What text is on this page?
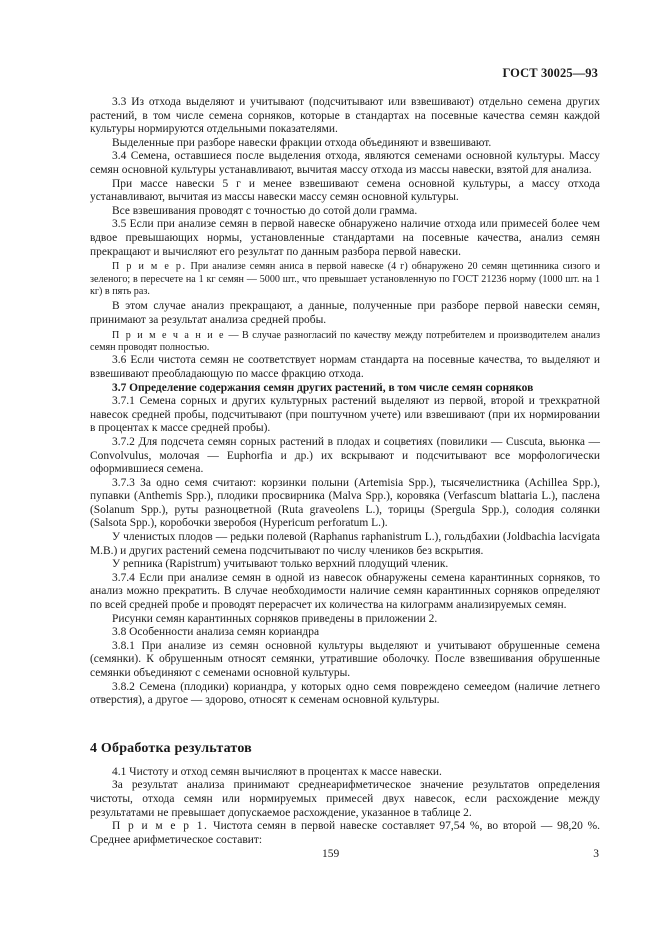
ГОСТ 30025—93

3.3 Из отхода выделяют и учитывают (подсчитывают или взвешивают) отдельно семена других растений, в том числе семена сорняков, которые в стандартах на посевные качества семян каждой культуры нормируются отдельными показателями.

Выделенные при разборе навески фракции отхода объединяют и взвешивают.

3.4 Семена, оставшиеся после выделения отхода, являются семенами основной культуры. Массу семян основной культуры устанавливают, вычитая массу отхода из массы навески, взятой для анализа.

При массе навески 5 г и менее взвешивают семена основной культуры, а массу отхода устанавливают, вычитая из массы навески массу семян основной культуры.

Все взвешивания проводят с точностью до сотой доли грамма.

3.5 Если при анализе семян в первой навеске обнаружено наличие отхода или примесей более чем вдвое превышающих нормы, установленные стандартами на посевные качества, анализ семян прекращают и вычисляют его результат по данным разбора первой навески.

П р и м е р. При анализе семян аниса в первой навеске (4 г) обнаружено 20 семян щетинника сизого и зеленого; в пересчете на 1 кг семян — 5000 шт., что превышает установленную по ГОСТ 21236 норму (1000 шт. на 1 кг) в пять раз.

В этом случае анализ прекращают, а данные, полученные при разборе первой навески семян, принимают за результат анализа средней пробы.

П р и м е ч а н и е — В случае разногласий по качеству между потребителем и производителем анализ семян проводят полностью.

3.6 Если чистота семян не соответствует нормам стандарта на посевные качества, то выделяют и взвешивают преобладающую по массе фракцию отхода.

3.7 Определение содержания семян других растений, в том числе семян сорняков

3.7.1 Семена сорных и других культурных растений выделяют из первой, второй и трехкратной навесок средней пробы, подсчитывают (при поштучном учете) или взвешивают (при их нормировании в процентах к массе средней пробы).

3.7.2 Для подсчета семян сорных растений в плодах и соцветиях (повилики — Cuscuta, вьюнка — Convolvulus, молочая — Euphorfia и др.) их вскрывают и подсчитывают все морфологически оформившиеся семена.

3.7.3 За одно семя считают: корзинки полыни (Artemisia Spp.), тысячелистника (Achillea Spp.), пупавки (Anthemis Spp.), плодики просвирника (Malva Spp.), коровяка (Verfascum blattaria L.), паслена (Solanum Spp.), руты разноцветной (Ruta graveolens L.), торицы (Spergula Spp.), солодия солянки (Salsota Spp.), коробочки зверобоя (Hypericum perforatum L.).

У членистых плодов — редьки полевой (Raphanus raphanistrum L.), гольдбахии (Joldbachia lacvigata M.B.) и других растений семена подсчитывают по числу члеников без вскрытия.

У репника (Rapistrum) учитывают только верхний плодущий членик.

3.7.4 Если при анализе семян в одной из навесок обнаружены семена карантинных сорняков, то анализ можно прекратить. В случае необходимости наличие семян карантинных сорняков определяют по всей средней пробе и проводят перерасчет их количества на килограмм анализируемых семян.

Рисунки семян карантинных сорняков приведены в приложении 2.

3.8 Особенности анализа семян кориандра

3.8.1 При анализе из семян основной культуры выделяют и учитывают обрушенные семена (семянки). К обрушенным относят семянки, утратившие оболочку. После взвешивания обрушенные семянки объединяют с семенами основной культуры.

3.8.2 Семена (плодики) кориандра, у которых одно семя повреждено семеедом (наличие летнего отверстия), а другое — здорово, относят к семенам основной культуры.

4 Обработка результатов

4.1 Чистоту и отход семян вычисляют в процентах к массе навески.

За результат анализа принимают среднеарифметическое значение результатов определения чистоты, отхода семян или нормируемых примесей двух навесок, если расхождение между результатами не превышает допускаемое расхождение, указанное в таблице 2.

П р и м е р 1. Чистота семян в первой навеске составляет 97,54 %, во второй — 98,20 %. Среднее арифметическое составит:

159	3
